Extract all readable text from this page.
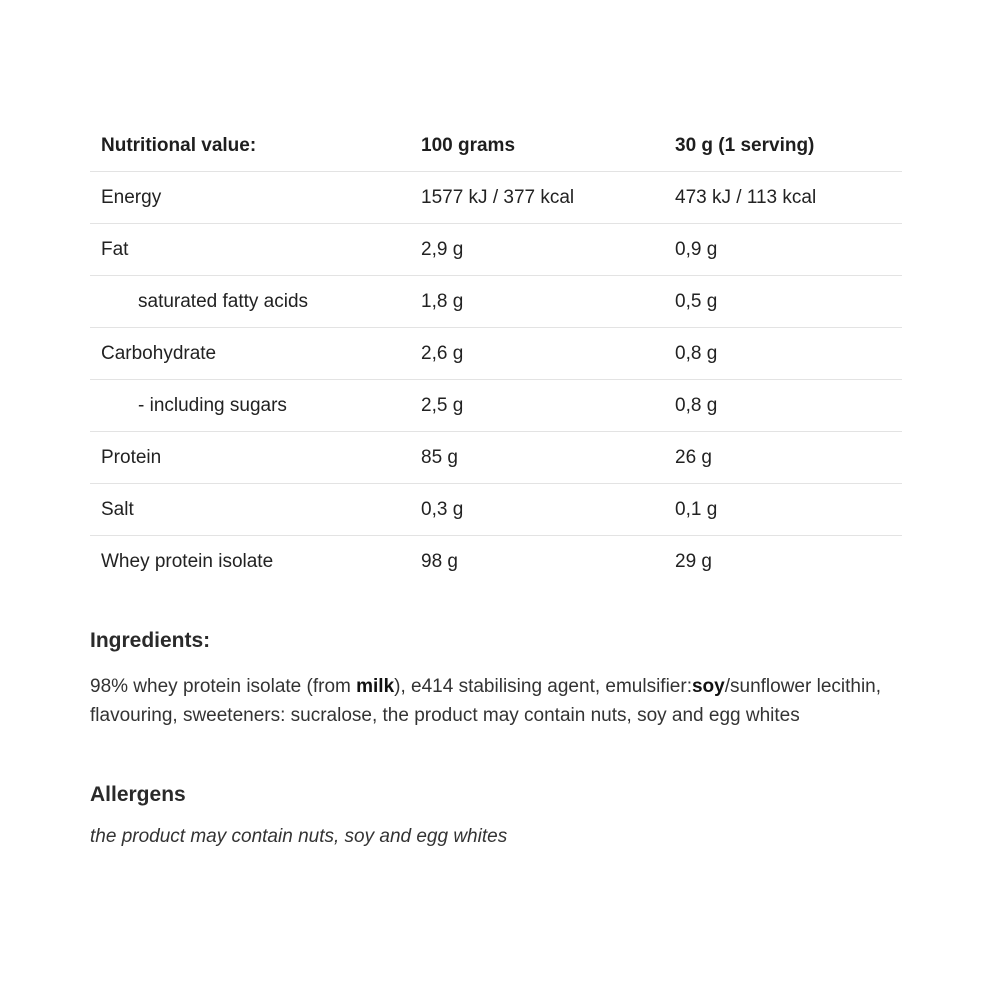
Nutritional value:	100 grams	30 g (1 serving)
Energy	1577 kJ / 377 kcal	473 kJ / 113 kcal
Fat	2,9 g	0,9 g
saturated fatty acids	1,8 g	0,5 g
Carbohydrate	2,6 g	0,8 g
- including sugars	2,5 g	0,8 g
Protein	85 g	26 g
Salt	0,3 g	0,1 g
Whey protein isolate	98 g	29 g
Ingredients:

98% whey protein isolate (from milk), e414 stabilising agent, emulsifier:soy/sunflower lecithin, flavouring, sweeteners: sucralose, the product may contain nuts, soy and egg whites

Allergens

the product may contain nuts, soy and egg whites
